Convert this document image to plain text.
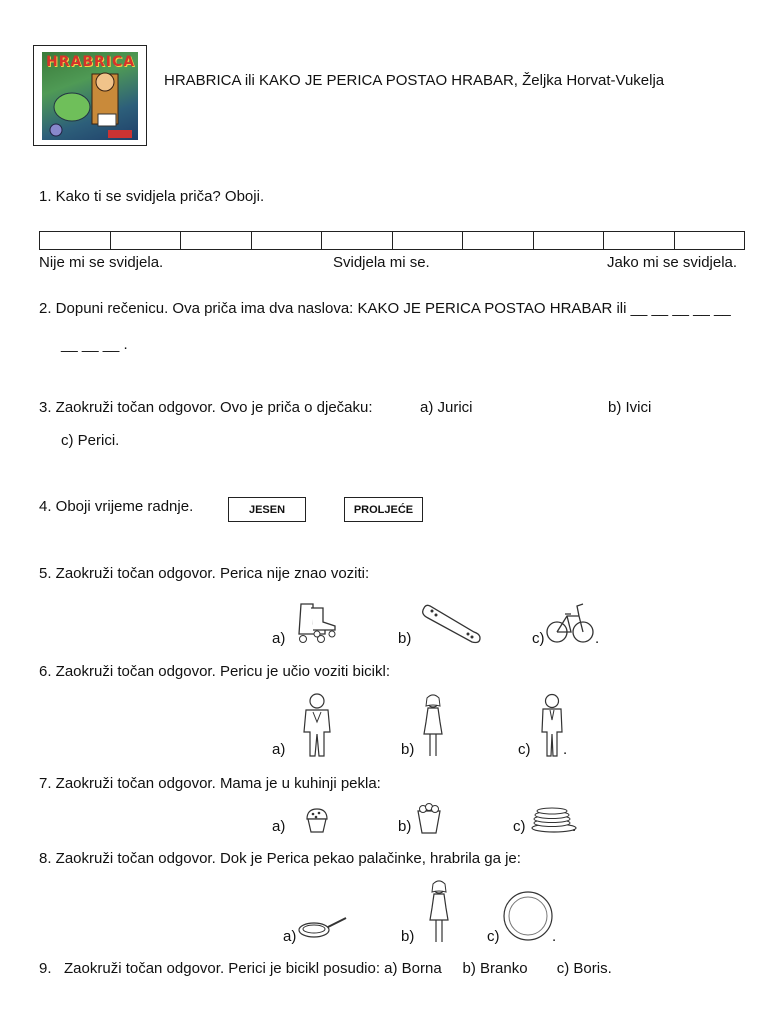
HRABRICA
HRABRICA ili KAKO JE PERICA POSTAO HRABAR, Željka Horvat-Vukelja
1. Kako ti se svidjela priča? Oboji.
Nije mi se svidjela.	Svidjela mi se.	Jako mi se svidjela.
2. Dopuni rečenicu. Ova priča ima dva naslova: KAKO JE PERICA POSTAO HRABAR ili __ __ __ __ __
__ __ __ .
3. Zaokruži točan odgovor. Ovo je priča o dječaku:	a) Jurici	b) Ivici
c) Perici.
4. Oboji vrijeme radnje.	JESEN	PROLJEĆE
5. Zaokruži točan odgovor. Perica nije znao voziti:
a)	b)	c)	.
6. Zaokruži točan odgovor. Pericu je učio voziti bicikl:
a)	b)	c) .
7. Zaokruži točan odgovor. Mama je u kuhinji pekla:
a)	b)	c)	.
8. Zaokruži točan odgovor. Dok je Perica pekao palačinke, hrabrila ga je:
a)	b)	c)	.
9.   Zaokruži točan odgovor. Perici je bicikl posudio: a) Borna     b) Branko       c) Boris.
